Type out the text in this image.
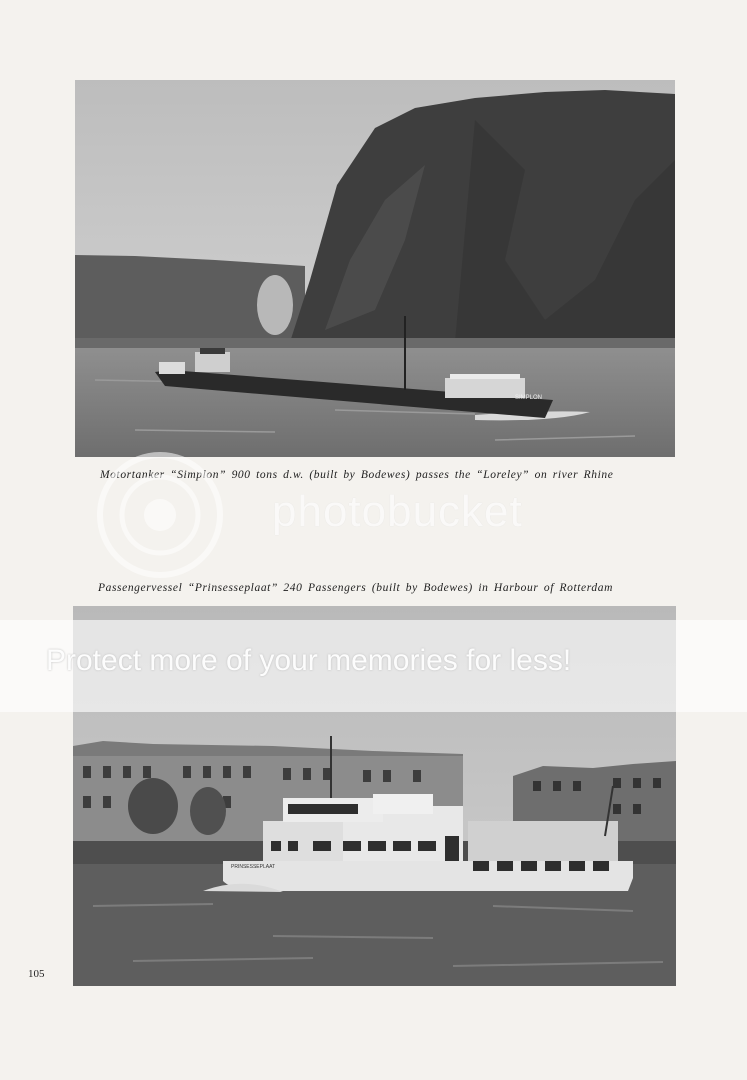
SIMPLON
Motortanker “Simplon” 900 tons d.w. (built by Bodewes) passes the “Loreley” on river Rhine
Passengervessel “Prinsesseplaat” 240 Passengers (built by Bodewes) in Harbour of Rotterdam
PRINSESSEPLAAT
105
photobucket
Protect more of your memories for less!
